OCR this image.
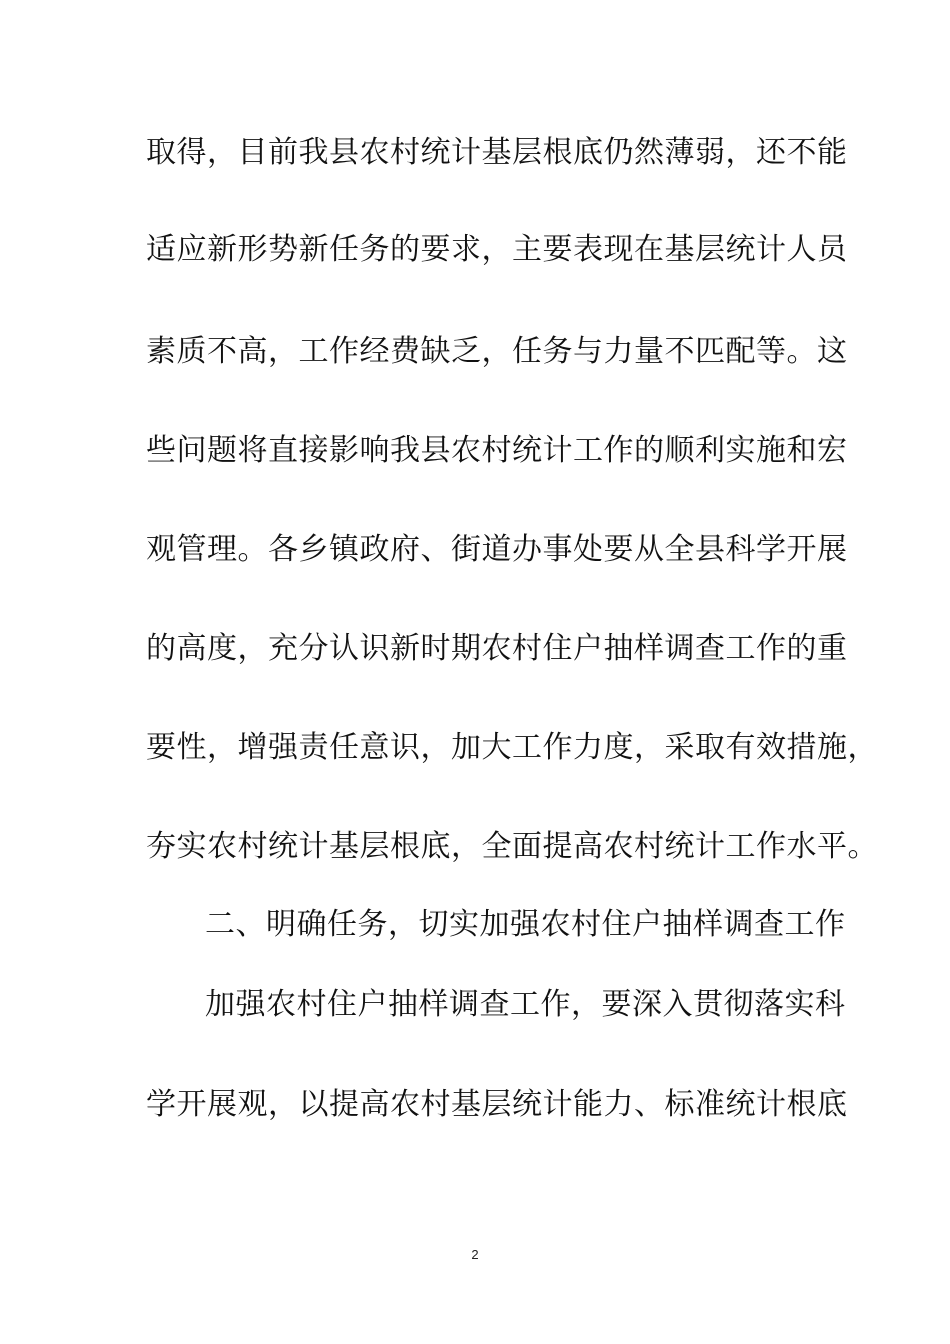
取得，目前我县农村统计基层根底仍然薄弱，还不能
适应新形势新任务的要求，主要表现在基层统计人员
素质不高，工作经费缺乏，任务与力量不匹配等。这
些问题将直接影响我县农村统计工作的顺利实施和宏
观管理。各乡镇政府、街道办事处要从全县科学开展
的高度，充分认识新时期农村住户抽样调查工作的重
要性，增强责任意识，加大工作力度，采取有效措施，
夯实农村统计基层根底，全面提高农村统计工作水平。
二、明确任务，切实加强农村住户抽样调查工作
加强农村住户抽样调查工作，要深入贯彻落实科
学开展观，以提高农村基层统计能力、标准统计根底
2
